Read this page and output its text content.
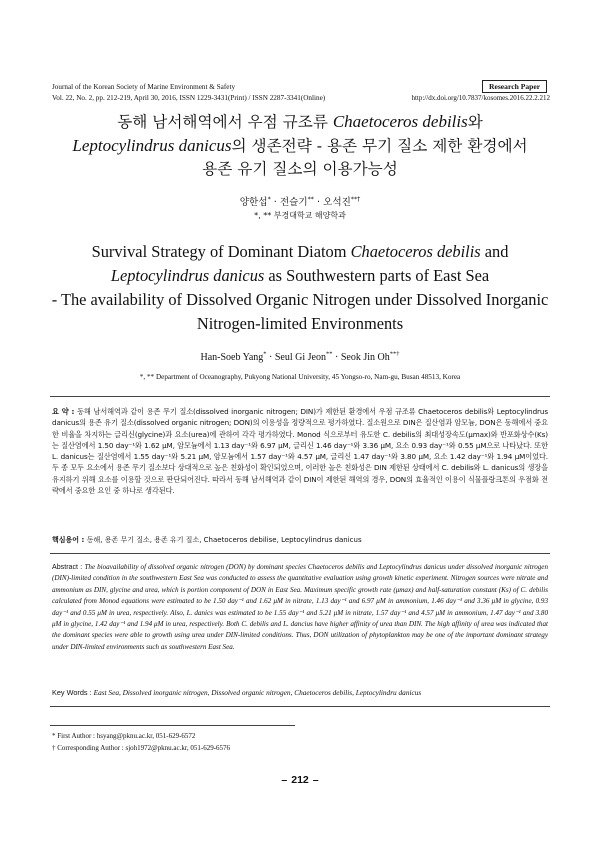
Journal of the Korean Society of Marine Environment & Safety
Vol. 22, No. 2, pp. 212-219, April 30, 2016, ISSN 1229-3431(Print) / ISSN 2287-3341(Online)
Research Paper
http://dx.doi.org/10.7837/kosomes.2016.22.2.212
동해 남서해역에서 우점 규조류 Chaetoceros debilis와
Leptocylindrus danicus의 생존전략 - 용존 무기 질소 제한 환경에서
용존 유기 질소의 이용가능성
양한섭* · 전슬기** · 오석진**†
*, ** 부경대학교 해양학과
Survival Strategy of Dominant Diatom Chaetoceros debilis and
Leptocylindrus danicus as Southwestern parts of East Sea
- The availability of Dissolved Organic Nitrogen under Dissolved Inorganic
Nitrogen-limited Environments
Han-Soeb Yang* · Seul Gi Jeon** · Seok Jin Oh**†
*, ** Department of Oceanography, Pukyong National University, 45 Yongso-ro, Nam-gu, Busan 48513, Korea
요 약 : 동해 남서해역과 같이 용존 무기 질소(dissolved inorganic nitrogen; DIN)가 제한된 환경에서 우점 규조류 Chaetoceros debilis와 Leptocylindrus danicus의 용존 유기 질소(dissolved organic nitrogen; DON)의 이용성을 정량적으로 평가하였다. 질소원으로 DIN은 질산염과 암모늄, DON은 동해에서 중요한 비율을 차지하는 글리신(glycine)과 요소(urea)에 관하여 각각 평가하였다. Monod 식으로부터 유도한 C. debilis의 최대성장속도(μmax)와 반포화상수(Ks)는 질산염에서 1.50 day⁻¹와 1.62 μM, 암모늄에서 1.13 day⁻¹와 6.97 μM, 글리신 1.46 day⁻¹와 3.36 μM, 요소 0.93 day⁻¹와 0.55 μM으로 나타났다. 또한 L. danicus는 질산염에서 1.55 day⁻¹와 5.21 μM, 암모늄에서 1.57 day⁻¹와 4.57 μM, 글리신 1.47 day⁻¹와 3.80 μM, 요소 1.42 day⁻¹와 1.94 μM이었다. 두 종 모두 요소에서 용존 무기 질소보다 상대적으로 높은 친화성이 확인되었으며, 이러한 높은 친화성은 DIN 제한된 상태에서 C. debilis와 L. danicus의 생장을 유지하기 위해 요소를 이용할 것으로 판단되어진다. 따라서 동해 남서해역과 같이 DIN이 제한된 해역의 경우, DON의 효율적인 이용이 식물플랑크톤의 우점화 전략에서 중요한 요인 중 하나로 생각된다.
핵심용어 : 동해, 용존 무기 질소, 용존 유기 질소, Chaetoceros debilise, Leptocylindrus danicus
Abstract : The bioavailability of dissolved organic nitrogen (DON) by dominant species Chaetoceros debilis and Leptocylindrus danicus under dissolved inorganic nitrogen (DIN)-limited condition in the southwestern East Sea was conducted to assess the quantitative evaluation using growth kinetic experiment. Nitrogen sources were nitrate and ammonium as DIN, glycine and urea, which is portion component of DON in East Sea. Maximum specific growth rate (μmax) and half-saturation constant (Ks) of C. debilis calculated from Monod equations were estimated to be 1.50 day⁻¹ and 1.62 μM in nitrate, 1.13 day⁻¹ and 6.97 μM in ammonium, 1.46 day⁻¹ and 3.36 μM in glycine, 0.93 day⁻¹ and 0.55 μM in urea, respectively. Also, L. danics was estimated to be 1.55 day⁻¹ and 5.21 μM in nitrate, 1.57 day⁻¹ and 4.57 μM in ammonium, 1.47 day⁻¹ and 3.80 μM in glycine, 1.42 day⁻¹ and 1.94 μM in urea, respectively. Both C. debilis and L. dancius have higher affinity of urea than DIN. The high affinity of urea was indicated that the dominant species were able to growth using urea under DIN-limited conditions. Thus, DON utilization of phytoplankton may be one of the important dominant strategy under DIN-limited environments such as southwestern East Sea.
Key Words : East Sea, Dissolved inorganic nitrogen, Dissolved organic nitrogen, Chaetoceros debilis, Leptocylindru danicus
* First Author : hsyang@pknu.ac.kr, 051-629-6572
† Corresponding Author : sjoh1972@pknu.ac.kr, 051-629-6576
– 212 –
